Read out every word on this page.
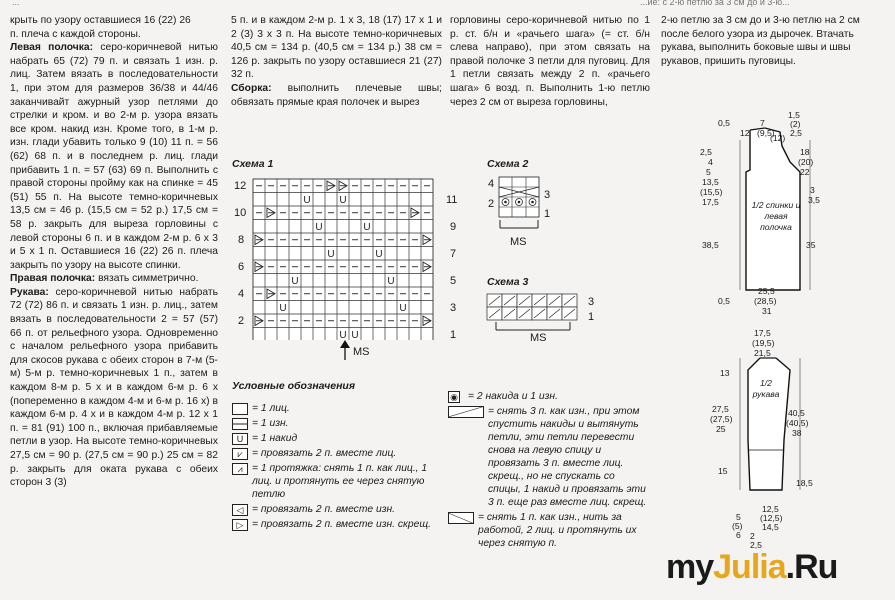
...	...ие: с 2-ю петлю за 3 см до и 3-ю...

крыть по узору оставшиеся 16 (22) 26

п. плеча с каждой стороны.

Левая полочка: серо-коричневой нитью набрать 65 (72) 79 п. и связать 1 изн. р. лиц. Затем вязать в последовательности 1, при этом для размеров 36/38 и 44/46 заканчивайт ажурный узор петлями до стрелки и кром. и во 2-м р. узора вязать все кром. накид изн. Кроме того, в 1-м р. изн. глади убавить только 9 (10) 11 п. = 56 (62) 68 п. и в последнем р. лиц. глади прибавить 1 п. = 57 (63) 69 п. Выполнить с правой стороны пройму как на спинке = 45 (51) 55 п. На высоте темно-коричневых 13,5 см = 46 р. (15,5 см = 52 р.) 17,5 см = 58 р. закрыть для выреза горловины с левой стороны 6 п. и в каждом 2-м р. 6 х 3 и 5 х 1 п. Оставшиеся 16 (22) 26 п. плеча закрыть по узору на высоте спинки.

Правая полочка: вязать симметрично.

Рукава: серо-коричневой нитью набрать 72 (72) 86 п. и связать 1 изн. р. лиц., затем вязать в последовательности 2 = 57 (57) 66 п. от рельефного узора. Одновременно с началом рельефного узора прибавить для скосов рукава с обеих сторон в 7-м (5-м) 5-м р. темно-коричневых 1 п., затем в каждом 8-м р. 5 х и в каждом 6-м р. 6 х (попеременно в каждом 4-м и 6-м р. 16 х) в каждом 6-м р. 4 х и в каждом 4-м р. 12 х 1 п. = 81 (91) 100 п., включая прибавляемые петли в узор. На высоте темно-коричневых 27,5 см = 90 р. (27,5 см = 90 р.) 25 см = 82 р. закрыть для оката рукава с обеих сторон 3 (3)

5 п. и в каждом 2-м р. 1 х 3, 18 (17) 17 х 1 и 2 (3) 3 х 3 п. На высоте темно-коричневых 40,5 см = 134 р. (40,5 см = 134 р.) 38 см = 126 р. закрыть по узору оставшиеся 21 (27) 32 п.

Сборка: выполнить плечевые швы; обвязать прямые края полочек и вырез

горловины серо-коричневой нитью по 1 р. ст. б/н и «рачьего шага» (= ст. б/н слева направо), при этом связать на правой полочке 3 петли для пуговиц. Для 1 петли связать между 2 п. «рачьего шага» 6 возд. п. Выполнить 1-ю петлю через 2 см от выреза горловины,

2-ю петлю за 3 см до и 3-ю петлю на 2 см после белого узора из дырочек. Втачать рукава, выполнить боковые швы и швы рукавов, пришить пуговицы.

Схема 1
U	U
U	U
U	U
U	U
U	U
U U
12
10
8
6
4
2
11
9
7
5
3
1
MS
Схема 2
4
2
3
1
MS
Схема 3
3
1
MS
Условные обозначения
= 1 лиц.
= 1 изн.
U = 1 накид
⩗ = провязать 2 п. вместе лиц.
⩘ = 1 протяжка: снять 1 п. как лиц., 1 лиц. и протянуть ее через снятую петлю
◁ = провязать 2 п. вместе изн.
▷ = провязать 2 п. вместе изн. скрещ.
◉ = 2 накида и 1 изн.
= снять 3 п. как изн., при этом спустить накиды и вытянуть петли, эти петли перевести снова на левую спицу и провязать 3 п. вместе лиц. скрещ., но не спускать со спицы, 1 накид и провязать эти 3 п. еще раз вместе лиц. скрещ.
= снять 1 п. как изн., нить за работой, 2 лиц. и протянуть их через снятую п.
1/2 спинки и левая полочка
0,5
12
7
(9,5)
(12)
1,5
(2)
2,5
2,5
4
5
13,5
(15,5)
17,5
38,5
18
(20)
22
3
3,5
35
0,5
25,5
(28,5)
31
1/2 рукава
17,5
(19,5)
21,5
13
27,5
(27,5)
25
15
40,5
(40,5)
38
18,5
5
(5)
6
12,5
(12,5)
14,5
2
2,5
myJulia.Ru
